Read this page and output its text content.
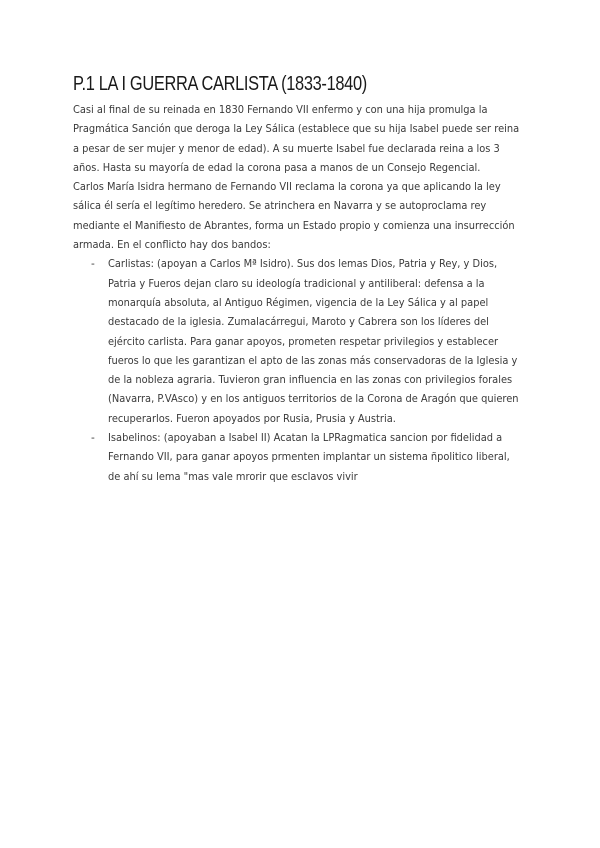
P.1 LA I GUERRA CARLISTA (1833-1840)
Casi al final de su reinada en 1830 Fernando VII enfermo y con una hija promulga la
Pragmática Sanción que deroga la Ley Sálica (establece que su hija Isabel puede ser reina
a pesar de ser mujer y menor de edad). A su muerte Isabel fue declarada reina a los 3
años. Hasta su mayoría de edad la corona pasa a manos de un Consejo Regencial.
Carlos María Isidra hermano de Fernando VII reclama la corona ya que aplicando la ley
sálica él sería el legítimo heredero. Se atrinchera en Navarra y se autoproclama rey
mediante el Manifiesto de Abrantes, forma un Estado propio y comienza una insurrección
armada. En el conflicto hay dos bandos:
- Carlistas: (apoyan a Carlos Mª Isidro). Sus dos lemas Dios, Patria y Rey, y Dios,
Patria y Fueros dejan claro su ideología tradicional y antiliberal: defensa a la
monarquía absoluta, al Antiguo Régimen, vigencia de la Ley Sálica y al papel
destacado de la iglesia. Zumalacárregui, Maroto y Cabrera son los líderes del
ejército carlista. Para ganar apoyos, prometen respetar privilegios y establecer
fueros lo que les garantizan el apto de las zonas más conservadoras de la Iglesia y
de la nobleza agraria. Tuvieron gran influencia en las zonas con privilegios forales
(Navarra, P.VAsco) y en los antiguos territorios de la Corona de Aragón que quieren
recuperarlos. Fueron apoyados por Rusia, Prusia y Austria.
- Isabelinos: (apoyaban a Isabel II) Acatan la LPRagmatica sancion por fidelidad a
Fernando VII, para ganar apoyos prmenten implantar un sistema ñpolitico liberal,
de ahí su lema "mas vale mrorir que esclavos vivir
